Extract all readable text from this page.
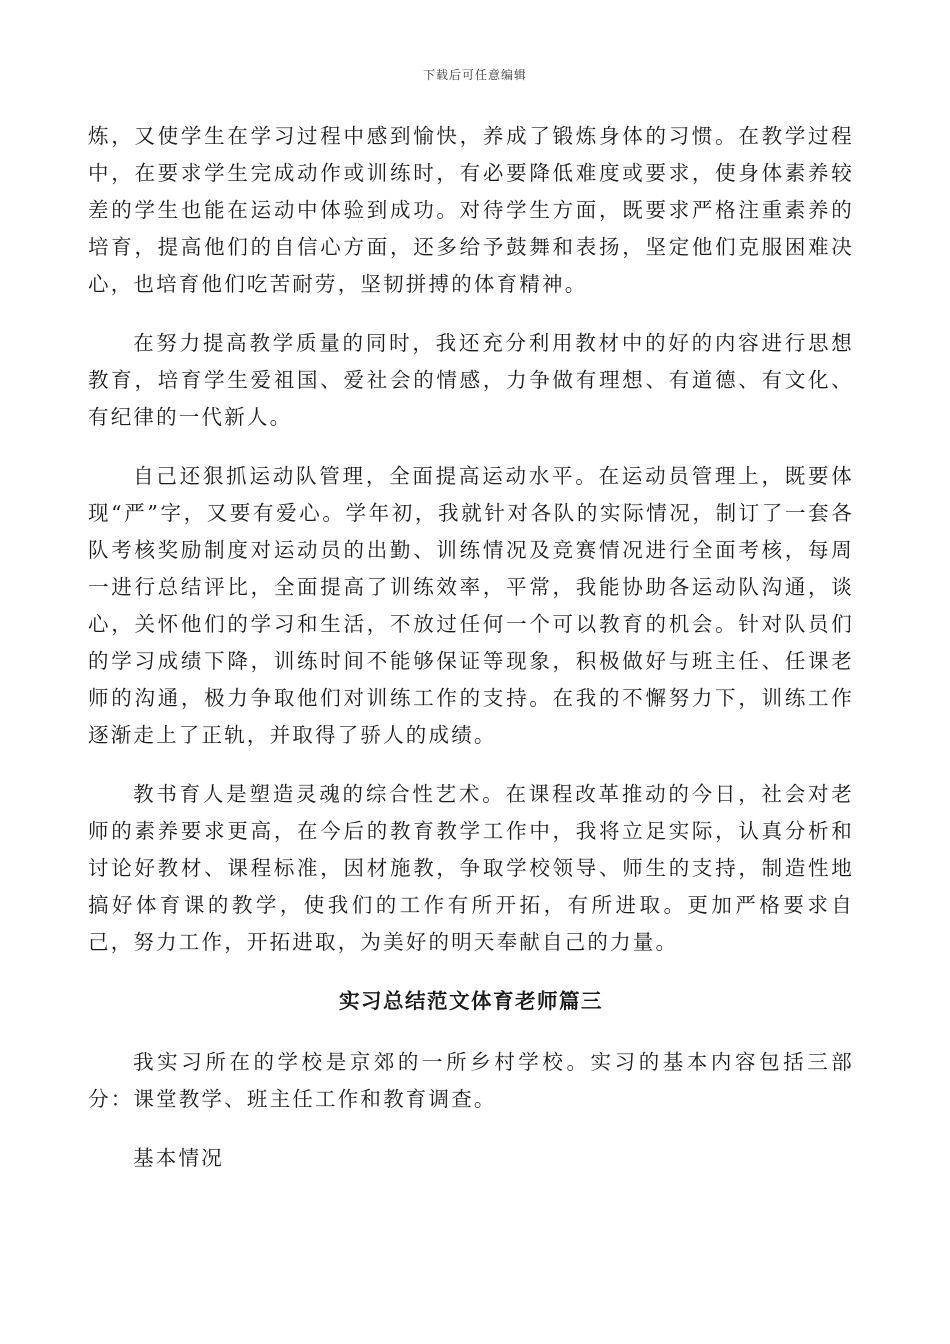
下载后可任意编辑

炼，又使学生在学习过程中感到愉快，养成了锻炼身体的习惯。在教学过程中，在要求学生完成动作或训练时，有必要降低难度或要求，使身体素养较差的学生也能在运动中体验到成功。对待学生方面，既要求严格注重素养的培育，提高他们的自信心方面，还多给予鼓舞和表扬，坚定他们克服困难决心，也培育他们吃苦耐劳，坚韧拼搏的体育精神。

在努力提高教学质量的同时，我还充分利用教材中的好的内容进行思想教育，培育学生爱祖国、爱社会的情感，力争做有理想、有道德、有文化、有纪律的一代新人。

自己还狠抓运动队管理，全面提高运动水平。在运动员管理上，既要体现“严”字，又要有爱心。学年初，我就针对各队的实际情况，制订了一套各队考核奖励制度对运动员的出勤、训练情况及竞赛情况进行全面考核，每周一进行总结评比，全面提高了训练效率，平常，我能协助各运动队沟通，谈心，关怀他们的学习和生活，不放过任何一个可以教育的机会。针对队员们的学习成绩下降，训练时间不能够保证等现象，积极做好与班主任、任课老师的沟通，极力争取他们对训练工作的支持。在我的不懈努力下，训练工作逐渐走上了正轨，并取得了骄人的成绩。

教书育人是塑造灵魂的综合性艺术。在课程改革推动的今日，社会对老师的素养要求更高，在今后的教育教学工作中，我将立足实际，认真分析和讨论好教材、课程标准，因材施教，争取学校领导、师生的支持，制造性地搞好体育课的教学，使我们的工作有所开拓，有所进取。更加严格要求自己，努力工作，开拓进取，为美好的明天奉献自己的力量。

实习总结范文体育老师篇三

我实习所在的学校是京郊的一所乡村学校。实习的基本内容包括三部分：课堂教学、班主任工作和教育调查。

基本情况
